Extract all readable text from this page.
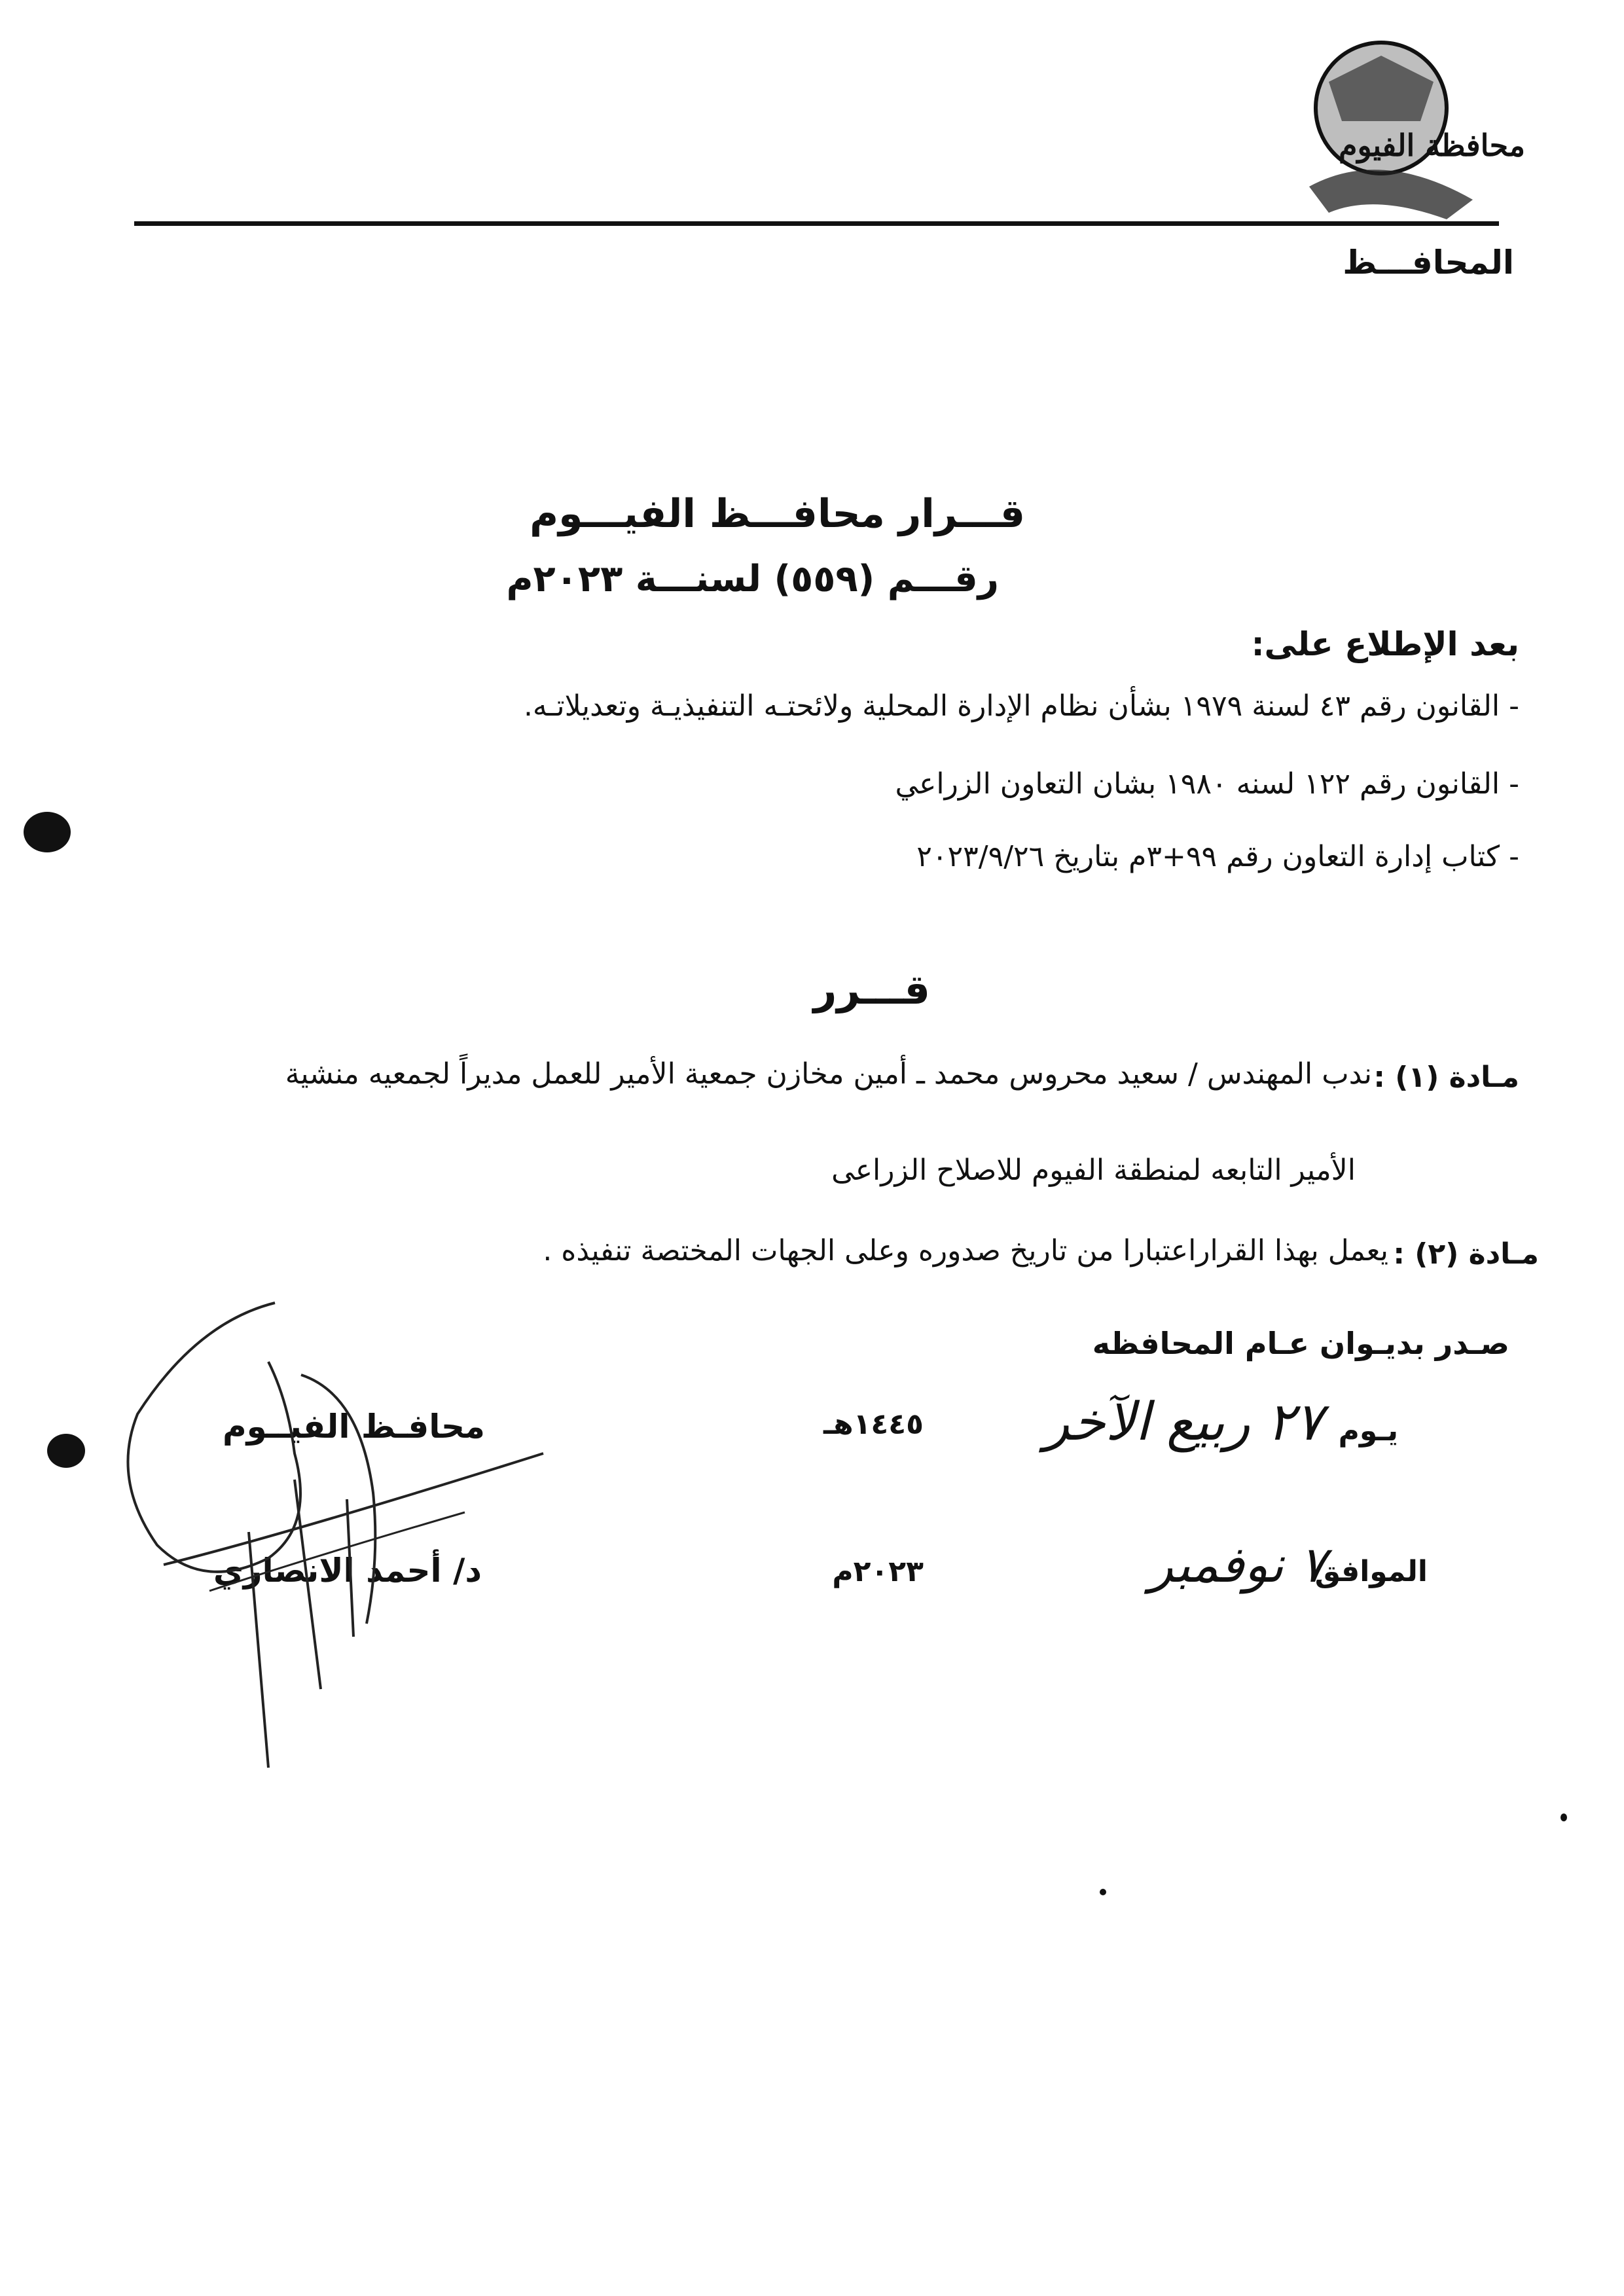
محافظة الفيوم
المحافـــظ
قـــرار محافـــظ الفيـــوم
رقـــم (٥٥٩) لسنـــة ٢٠٢٣م
بعد الإطلاع على:
- القانون رقم ٤٣ لسنة ١٩٧٩ بشأن نظام الإدارة المحلية ولائحتـه التنفيذيـة وتعديلاتـه.
- القانون رقم ١٢٢ لسنه ١٩٨٠ بشان التعاون الزراعي
- كتاب إدارة التعاون رقم ٩٩+٣م بتاريخ ٢٠٢٣/٩/٢٦
قـــرر
مـادة (١) :
ندب المهندس / سعيد محروس محمد ـ أمين مخازن جمعية الأمير للعمل مديراً لجمعيه منشية
الأمير التابعه لمنطقة الفيوم للاصلاح الزراعى
مـادة (٢) :
يعمل بهذا القراراعتبارا من تاريخ صدوره وعلى الجهات المختصة تنفيذه .
صـدر بديـوان عـام المحافظه
يـوم
٢٧ ربيع الآخر
١٤٤٥هـ
الموافق
٧ نوفمبر
٢٠٢٣م
محافـظ الفيــوم
د/ أحمد الانصاري
